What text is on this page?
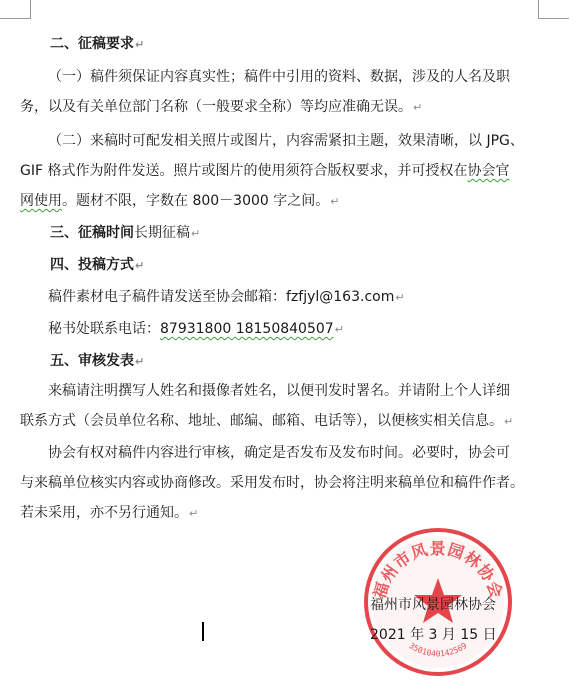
二、征稿要求↵
（一）稿件须保证内容真实性；稿件中引用的资料、数据，涉及的人名及职
务，以及有关单位部门名称（一般要求全称）等均应准确无误。↵
（二）来稿时可配发相关照片或图片，内容需紧扣主题，效果清晰，以 JPG、
GIF 格式作为附件发送。照片或图片的使用须符合版权要求，并可授权在协会官
网使用。题材不限，字数在 800－3000 字之间。↵
三、征稿时间长期征稿↵
四、投稿方式↵
稿件素材电子稿件请发送至协会邮箱：fzfjyl@163.com↵
秘书处联系电话：87931800 18150840507↵
五、审核发表↵
来稿请注明撰写人姓名和摄像者姓名，以便刊发时署名。并请附上个人详细
联系方式（会员单位名称、地址、邮编、邮箱、电话等），以便核实相关信息。↵
协会有权对稿件内容进行审核，确定是否发布及发布时间。必要时，协会可
与来稿单位核实内容或协商修改。采用发布时，协会将注明来稿单位和稿件作者。
若未采用，亦不另行通知。↵
福州市风景园林协会
3501040142569
福州市风景园林协会
2021 年 3 月 15 日
